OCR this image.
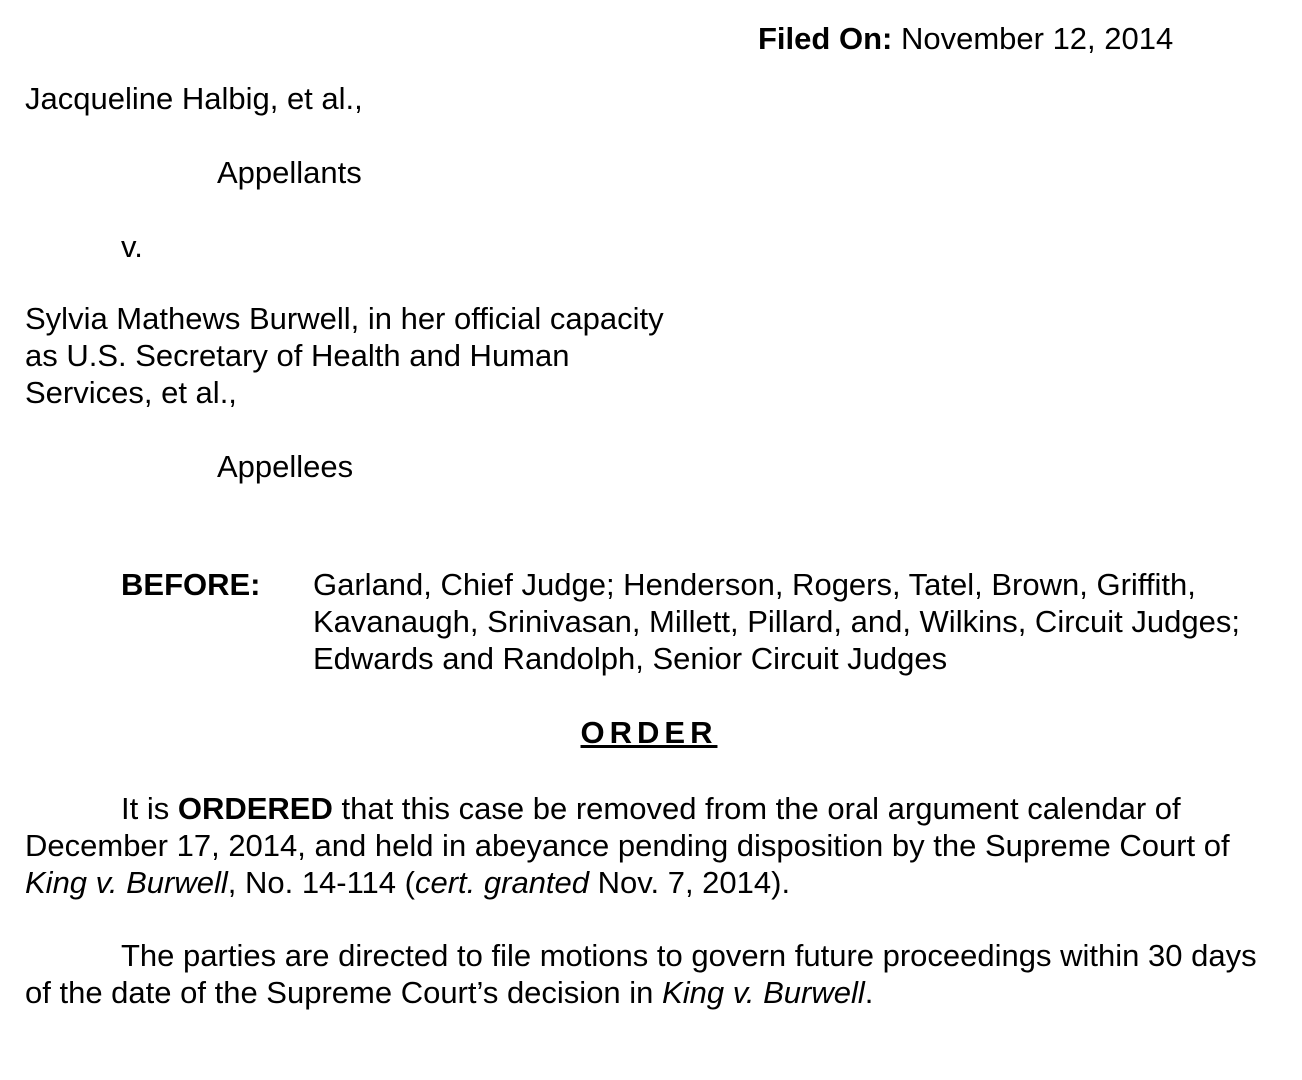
Filed On: November 12, 2014
Jacqueline Halbig, et al.,
Appellants
v.
Sylvia Mathews Burwell, in her official capacity as U.S. Secretary of Health and Human Services, et al.,
Appellees
BEFORE: Garland, Chief Judge; Henderson, Rogers, Tatel, Brown, Griffith, Kavanaugh, Srinivasan, Millett, Pillard, and, Wilkins, Circuit Judges; Edwards and Randolph, Senior Circuit Judges
ORDER
It is ORDERED that this case be removed from the oral argument calendar of December 17, 2014, and held in abeyance pending disposition by the Supreme Court of King v. Burwell, No. 14-114 (cert. granted Nov. 7, 2014).
The parties are directed to file motions to govern future proceedings within 30 days of the date of the Supreme Court’s decision in King v. Burwell.
